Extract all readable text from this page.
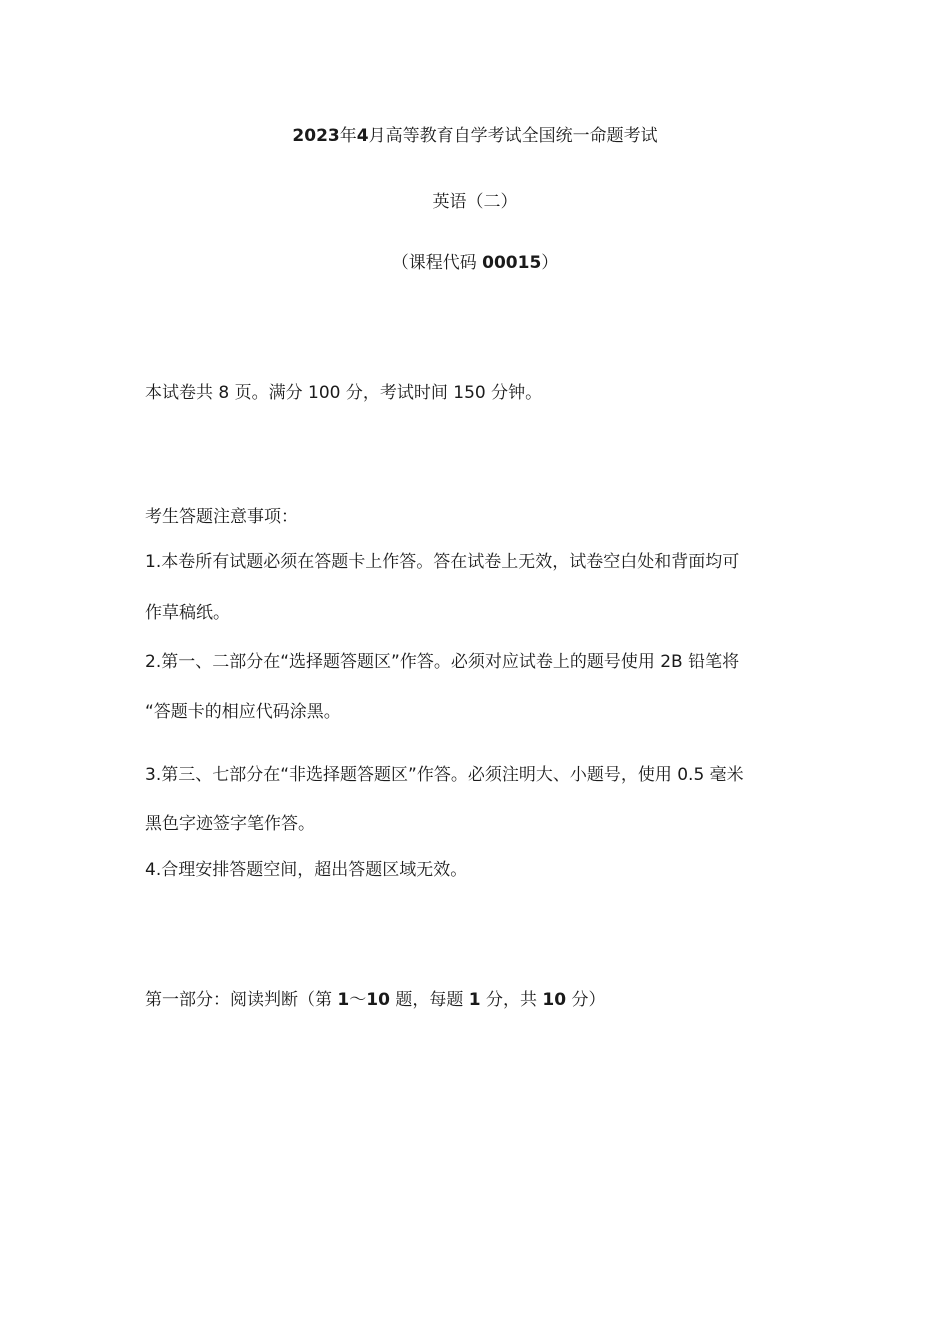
2023年4月高等教育自学考试全国统一命题考试
英语（二）
（课程代码 00015）
本试卷共 8 页。满分 100 分，考试时间 150 分钟。
考生答题注意事项：
1.本卷所有试题必须在答题卡上作答。答在试卷上无效，试卷空白处和背面均可
作草稿纸。
2.第一、二部分在“选择题答题区”作答。必须对应试卷上的题号使用 2B 铅笔将
“答题卡的相应代码涂黑。
3.第三、七部分在“非选择题答题区”作答。必须注明大、小题号，使用 0.5 毫米
黑色字迹签字笔作答。
4.合理安排答题空间，超出答题区域无效。
第一部分：阅读判断（第 1～10 题，每题 1 分，共 10 分）
